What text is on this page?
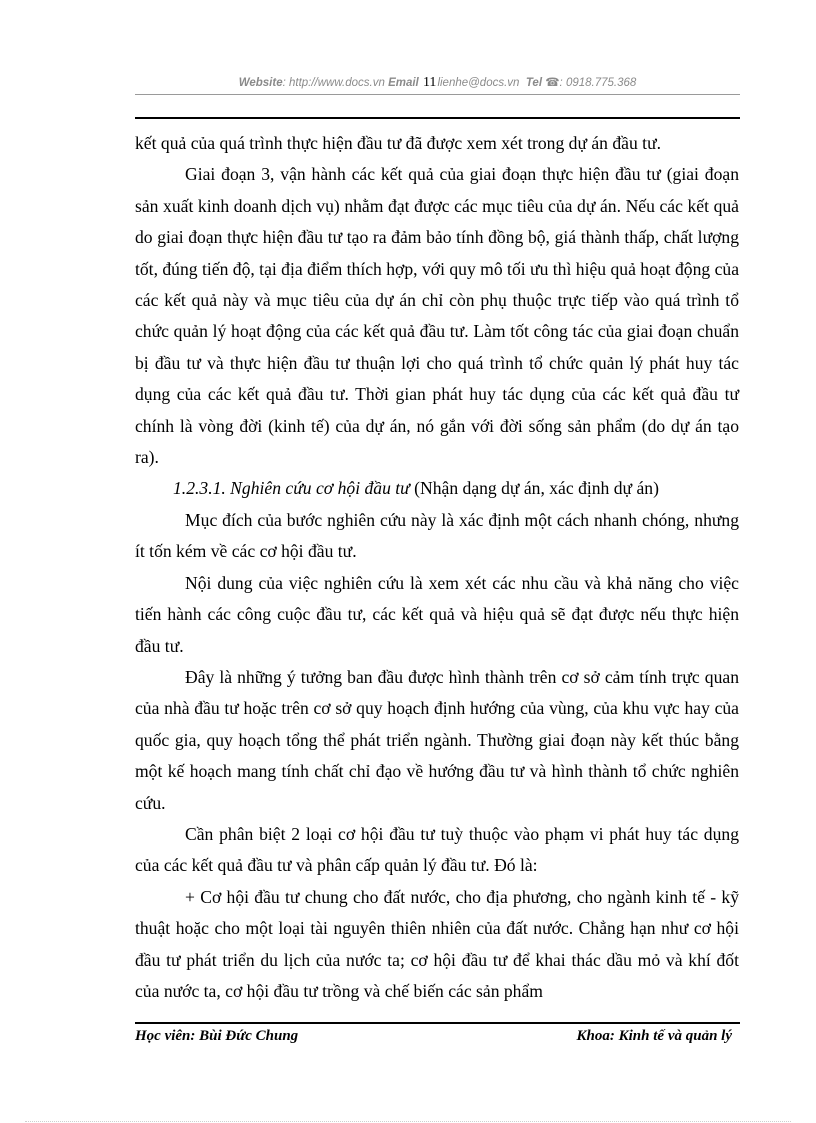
Website: http://www.docs.vn Email 11lienhe@docs.vn Tel ☎: 0918.775.368

kết quả của quá trình thực hiện đầu tư đã được xem xét trong dự án đầu tư.

Giai đoạn 3, vận hành các kết quả của giai đoạn thực hiện đầu tư (giai đoạn sản xuất kinh doanh dịch vụ) nhằm đạt được các mục tiêu của dự án. Nếu các kết quả do giai đoạn thực hiện đầu tư tạo ra đảm bảo tính đồng bộ, giá thành thấp, chất lượng tốt, đúng tiến độ, tại địa điểm thích hợp, với quy mô tối ưu thì hiệu quả hoạt động của các kết quả này và mục tiêu của dự án chỉ còn phụ thuộc trực tiếp vào quá trình tổ chức quản lý hoạt động của các kết quả đầu tư. Làm tốt công tác của giai đoạn chuẩn bị đầu tư và thực hiện đầu tư thuận lợi cho quá trình tổ chức quản lý phát huy tác dụng của các kết quả đầu tư. Thời gian phát huy tác dụng của các kết quả đầu tư chính là vòng đời (kinh tế) của dự án, nó gắn với đời sống sản phẩm (do dự án tạo ra).

1.2.3.1. Nghiên cứu cơ hội đầu tư (Nhận dạng dự án, xác định dự án)

Mục đích của bước nghiên cứu này là xác định một cách nhanh chóng, nhưng ít tốn kém về các cơ hội đầu tư.

Nội dung của việc nghiên cứu là xem xét các nhu cầu và khả năng cho việc tiến hành các công cuộc đầu tư, các kết quả và hiệu quả sẽ đạt được nếu thực hiện đầu tư.

Đây là những ý tưởng ban đầu được hình thành trên cơ sở cảm tính trực quan của nhà đầu tư hoặc trên cơ sở quy hoạch định hướng của vùng, của khu vực hay của quốc gia, quy hoạch tổng thể phát triển ngành. Thường giai đoạn này kết thúc bằng một kế hoạch mang tính chất chỉ đạo về hướng đầu tư và hình thành tổ chức nghiên cứu.

Cần phân biệt 2 loại cơ hội đầu tư tuỳ thuộc vào phạm vi phát huy tác dụng của các kết quả đầu tư và phân cấp quản lý đầu tư. Đó là:

+ Cơ hội đầu tư chung cho đất nước, cho địa phương, cho ngành kinh tế - kỹ thuật hoặc cho một loại tài nguyên thiên nhiên của đất nước. Chẳng hạn như cơ hội đầu tư phát triển du lịch của nước ta; cơ hội đầu tư để khai thác dầu mỏ và khí đốt của nước ta, cơ hội đầu tư trồng và chế biến các sản phẩm

Học viên: Bùi Đức Chung	Khoa: Kinh tế và quản lý
